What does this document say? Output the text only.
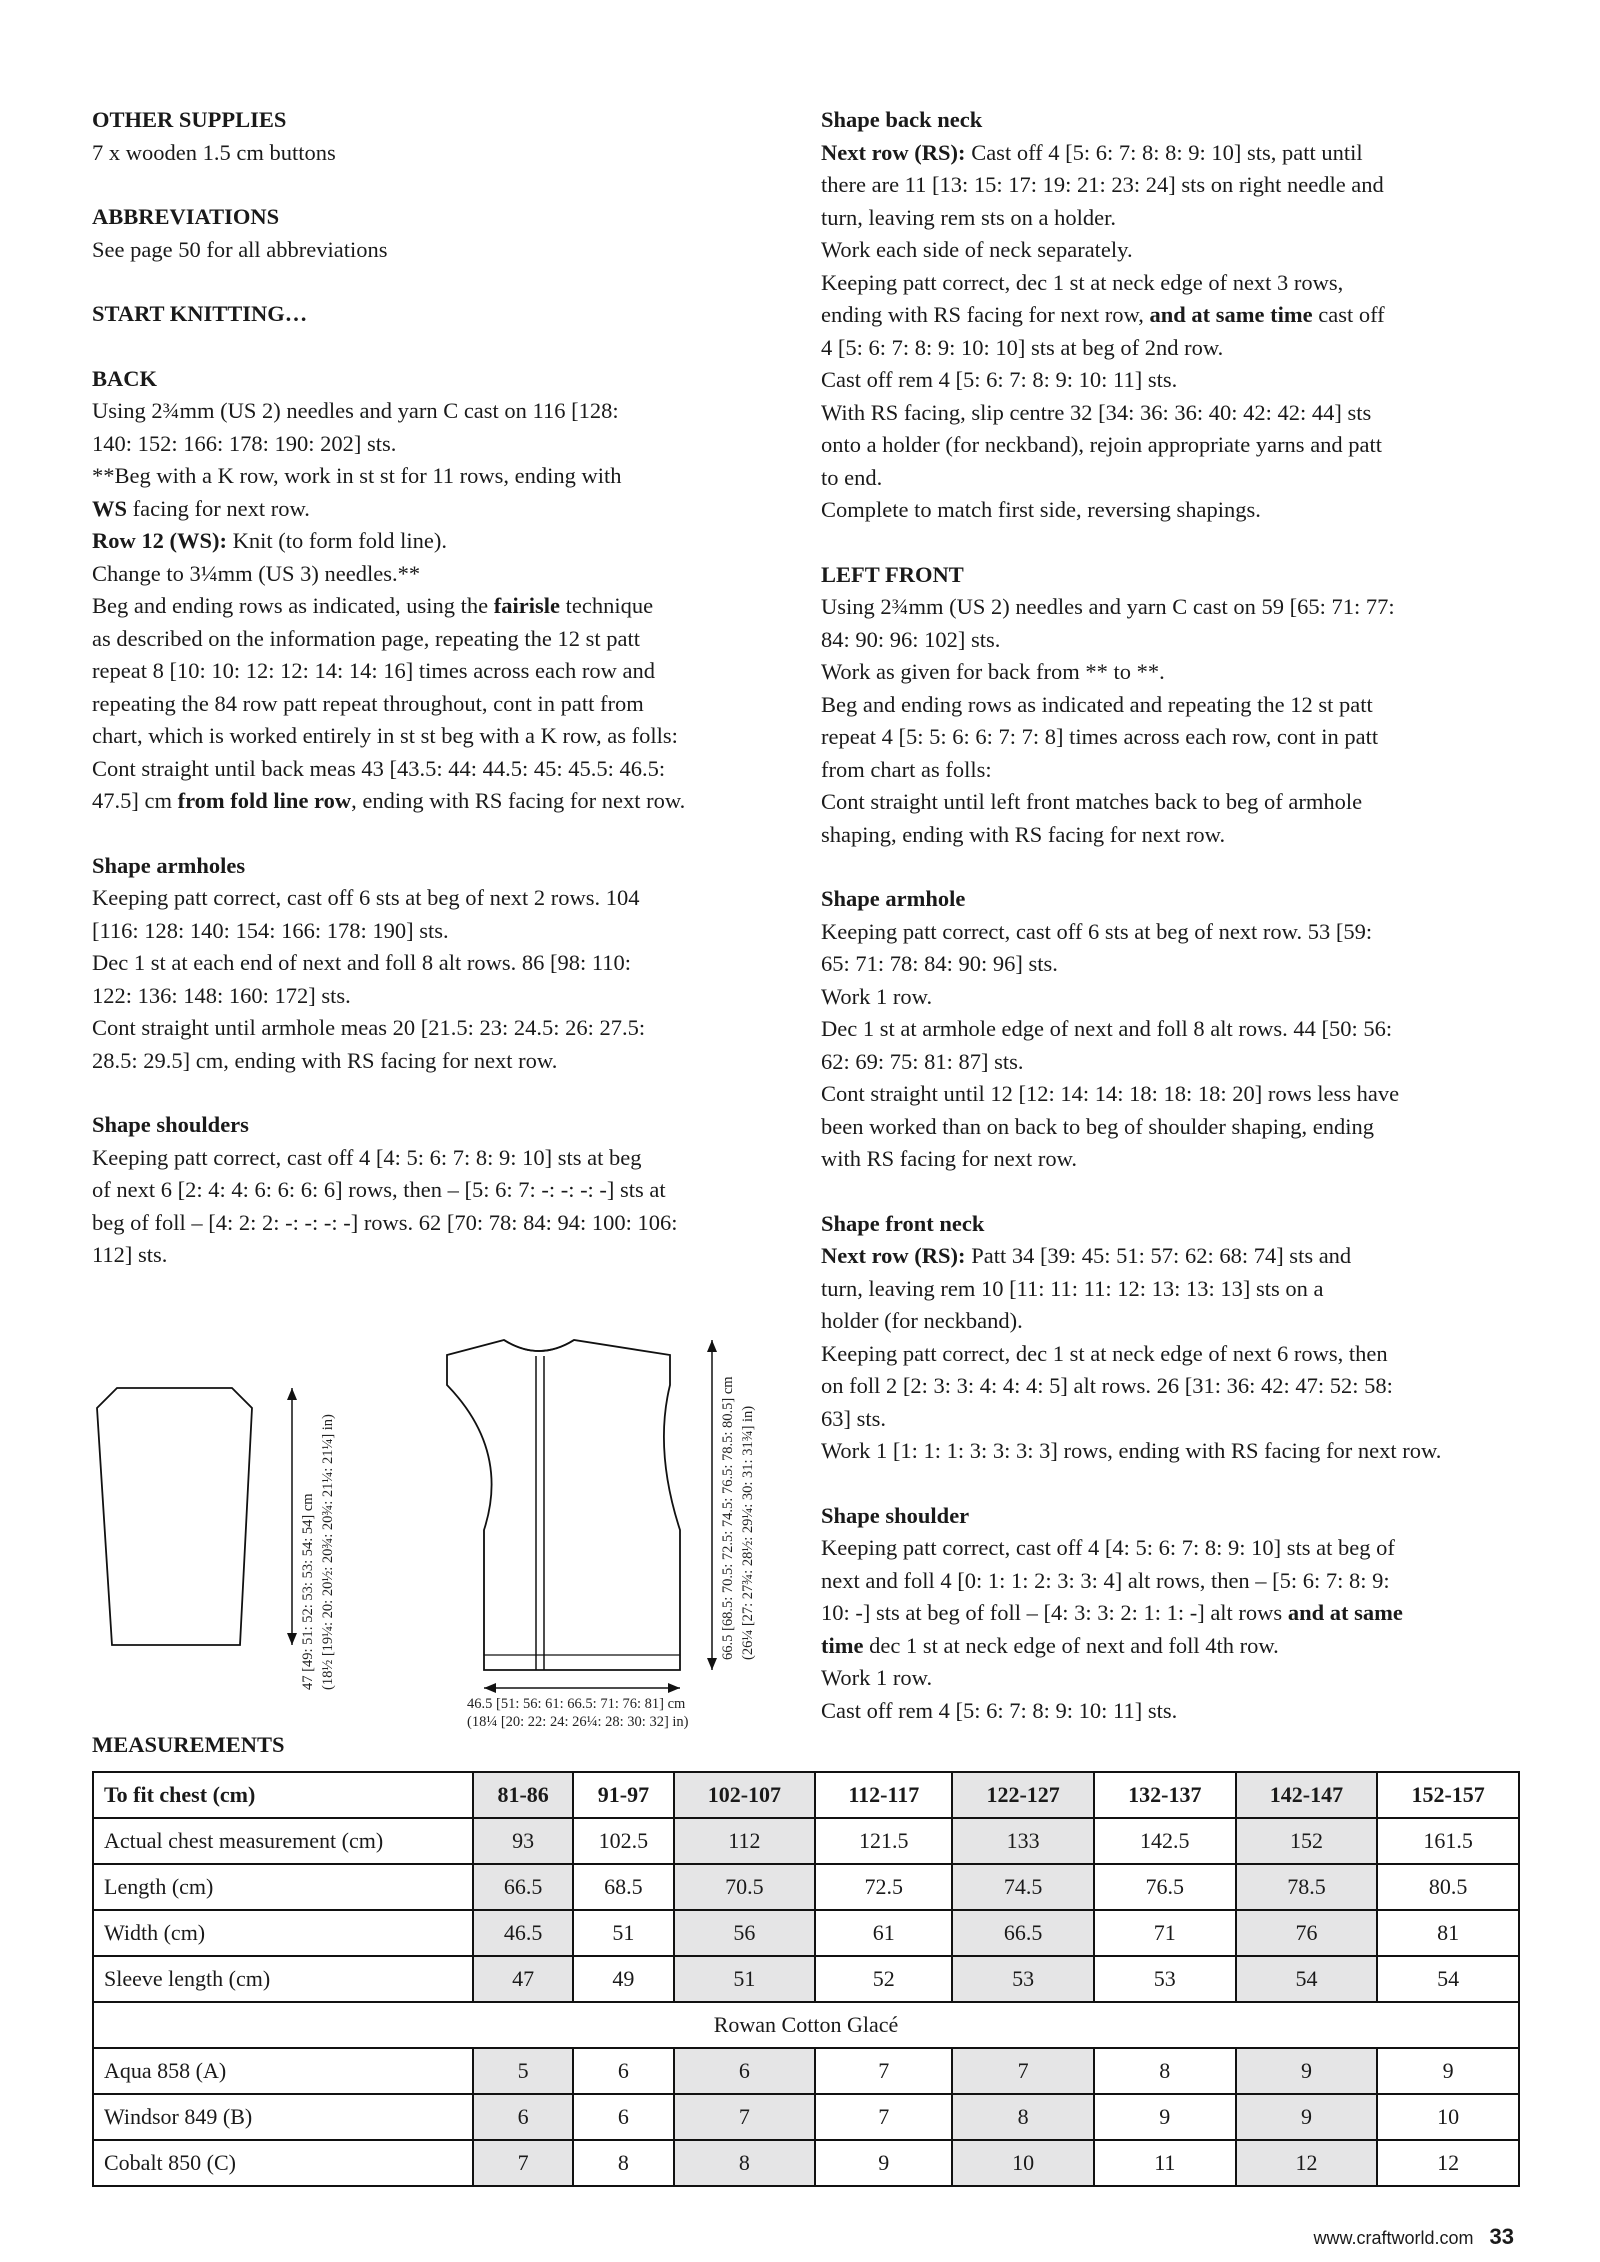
OTHER SUPPLIES
7 x wooden 1.5 cm buttons
ABBREVIATIONS
See page 50 for all abbreviations
START KNITTING…
BACK
Using 2¾mm (US 2) needles and yarn C cast on 116 [128:
140: 152: 166: 178: 190: 202] sts.
**Beg with a K row, work in st st for 11 rows, ending with
WS facing for next row.
Row 12 (WS): Knit (to form fold line).
Change to 3¼mm (US 3) needles.**
Beg and ending rows as indicated, using the fairisle technique
as described on the information page, repeating the 12 st patt
repeat 8 [10: 10: 12: 12: 14: 14: 16] times across each row and
repeating the 84 row patt repeat throughout, cont in patt from
chart, which is worked entirely in st st beg with a K row, as folls:
Cont straight until back meas 43 [43.5: 44: 44.5: 45: 45.5: 46.5:
47.5] cm from fold line row, ending with RS facing for next row.
Shape armholes
Keeping patt correct, cast off 6 sts at beg of next 2 rows. 104
[116: 128: 140: 154: 166: 178: 190] sts.
Dec 1 st at each end of next and foll 8 alt rows. 86 [98: 110:
122: 136: 148: 160: 172] sts.
Cont straight until armhole meas 20 [21.5: 23: 24.5: 26: 27.5:
28.5: 29.5] cm, ending with RS facing for next row.
Shape shoulders
Keeping patt correct, cast off 4 [4: 5: 6: 7: 8: 9: 10] sts at beg
of next 6 [2: 4: 4: 6: 6: 6: 6] rows, then – [5: 6: 7: -: -: -: -] sts at
beg of foll – [4: 2: 2: -: -: -: -] rows. 62 [70: 78: 84: 94: 100: 106:
112] sts.
Shape back neck
Next row (RS): Cast off 4 [5: 6: 7: 8: 8: 9: 10] sts, patt until
there are 11 [13: 15: 17: 19: 21: 23: 24] sts on right needle and
turn, leaving rem sts on a holder.
Work each side of neck separately.
Keeping patt correct, dec 1 st at neck edge of next 3 rows,
ending with RS facing for next row, and at same time cast off
4 [5: 6: 7: 8: 9: 10: 10] sts at beg of 2nd row.
Cast off rem 4 [5: 6: 7: 8: 9: 10: 11] sts.
With RS facing, slip centre 32 [34: 36: 36: 40: 42: 42: 44] sts
onto a holder (for neckband), rejoin appropriate yarns and patt
to end.
Complete to match first side, reversing shapings.
LEFT FRONT
Using 2¾mm (US 2) needles and yarn C cast on 59 [65: 71: 77:
84: 90: 96: 102] sts.
Work as given for back from ** to **.
Beg and ending rows as indicated and repeating the 12 st patt
repeat 4 [5: 5: 6: 6: 7: 7: 8] times across each row, cont in patt
from chart as folls:
Cont straight until left front matches back to beg of armhole
shaping, ending with RS facing for next row.
Shape armhole
Keeping patt correct, cast off 6 sts at beg of next row. 53 [59:
65: 71: 78: 84: 90: 96] sts.
Work 1 row.
Dec 1 st at armhole edge of next and foll 8 alt rows. 44 [50: 56:
62: 69: 75: 81: 87] sts.
Cont straight until 12 [12: 14: 14: 18: 18: 18: 20] rows less have
been worked than on back to beg of shoulder shaping, ending
with RS facing for next row.
Shape front neck
Next row (RS): Patt 34 [39: 45: 51: 57: 62: 68: 74] sts and
turn, leaving rem 10 [11: 11: 11: 12: 13: 13: 13] sts on a
holder (for neckband).
Keeping patt correct, dec 1 st at neck edge of next 6 rows, then
on foll 2 [2: 3: 3: 4: 4: 4: 5] alt rows. 26 [31: 36: 42: 47: 52: 58:
63] sts.
Work 1 [1: 1: 1: 3: 3: 3: 3] rows, ending with RS facing for next row.
Shape shoulder
Keeping patt correct, cast off 4 [4: 5: 6: 7: 8: 9: 10] sts at beg of
next and foll 4 [0: 1: 1: 2: 3: 3: 4] alt rows, then – [5: 6: 7: 8: 9:
10: -] sts at beg of foll – [4: 3: 3: 2: 1: 1: -] alt rows and at same
time dec 1 st at neck edge of next and foll 4th row.
Work 1 row.
Cast off rem 4 [5: 6: 7: 8: 9: 10: 11] sts.
47 [49: 51: 52: 53: 53: 54: 54] cm (18½ [19¼: 20: 20½: 20¾: 20¾: 21¼: 21¼] in)	66.5 [68.5: 70.5: 72.5: 74.5: 76.5: 78.5: 80.5] cm (26¼ [27: 27¾: 28½: 29¼: 30: 31: 31¾] in)
46.5 [51: 56: 61: 66.5: 71: 76: 81] cm
(18¼ [20: 22: 24: 26¼: 28: 30: 32] in)
MEASUREMENTS
To fit chest (cm)	81-86	91-97	102-107	112-117	122-127	132-137	142-147	152-157
Actual chest measurement (cm)	93	102.5	112	121.5	133	142.5	152	161.5
Length (cm)	66.5	68.5	70.5	72.5	74.5	76.5	78.5	80.5
Width (cm)	46.5	51	56	61	66.5	71	76	81
Sleeve length (cm)	47	49	51	52	53	53	54	54
Rowan Cotton Glacé								
Aqua 858 (A)	5	6	6	7	7	8	9	9
Windsor 849 (B)	6	6	7	7	8	9	9	10
Cobalt 850 (C)	7	8	8	9	10	11	12	12
www.craftworld.com 33
